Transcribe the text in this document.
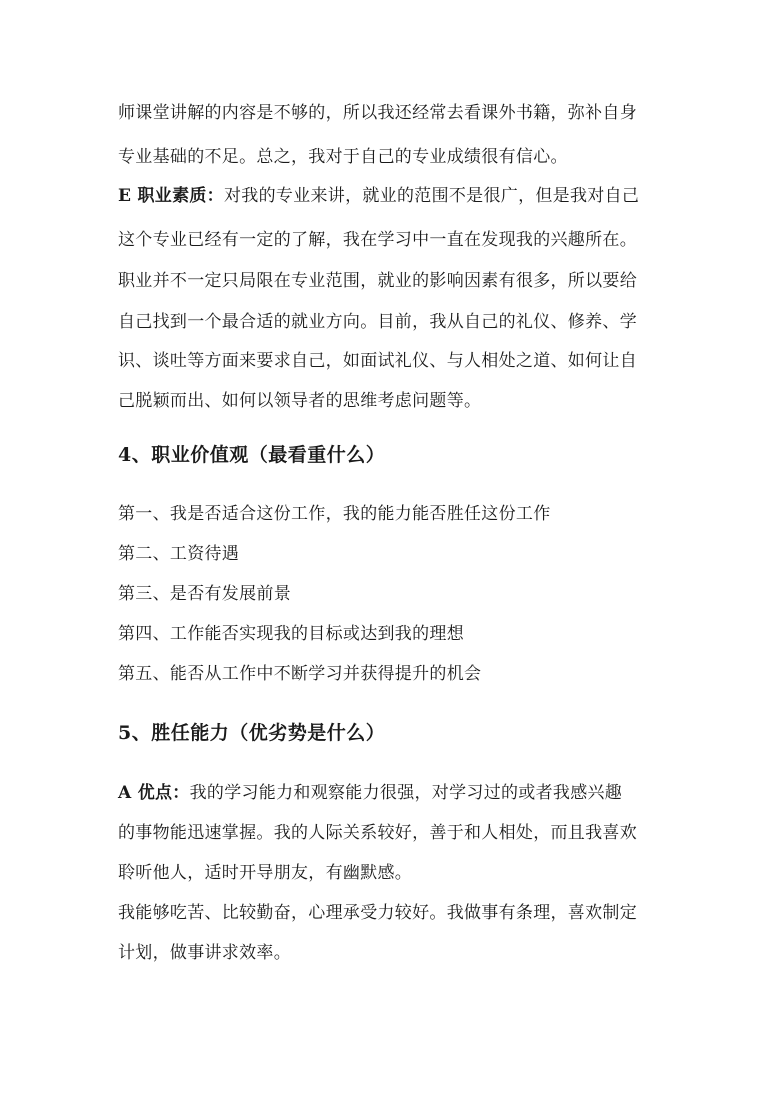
师课堂讲解的内容是不够的，所以我还经常去看课外书籍，弥补自身
专业基础的不足。总之，我对于自己的专业成绩很有信心。
E 职业素质：对我的专业来讲，就业的范围不是很广，但是我对自己
这个专业已经有一定的了解，我在学习中一直在发现我的兴趣所在。
职业并不一定只局限在专业范围，就业的影响因素有很多，所以要给
自己找到一个最合适的就业方向。目前，我从自己的礼仪、修养、学
识、谈吐等方面来要求自己，如面试礼仪、与人相处之道、如何让自
己脱颖而出、如何以领导者的思维考虑问题等。
4、职业价值观（最看重什么）
第一、我是否适合这份工作，我的能力能否胜任这份工作
第二、工资待遇
第三、是否有发展前景
第四、工作能否实现我的目标或达到我的理想
第五、能否从工作中不断学习并获得提升的机会
5、胜任能力（优劣势是什么）
A 优点：我的学习能力和观察能力很强，对学习过的或者我感兴趣
的事物能迅速掌握。我的人际关系较好，善于和人相处，而且我喜欢
聆听他人，适时开导朋友，有幽默感。
我能够吃苦、比较勤奋，心理承受力较好。我做事有条理，喜欢制定
计划，做事讲求效率。
